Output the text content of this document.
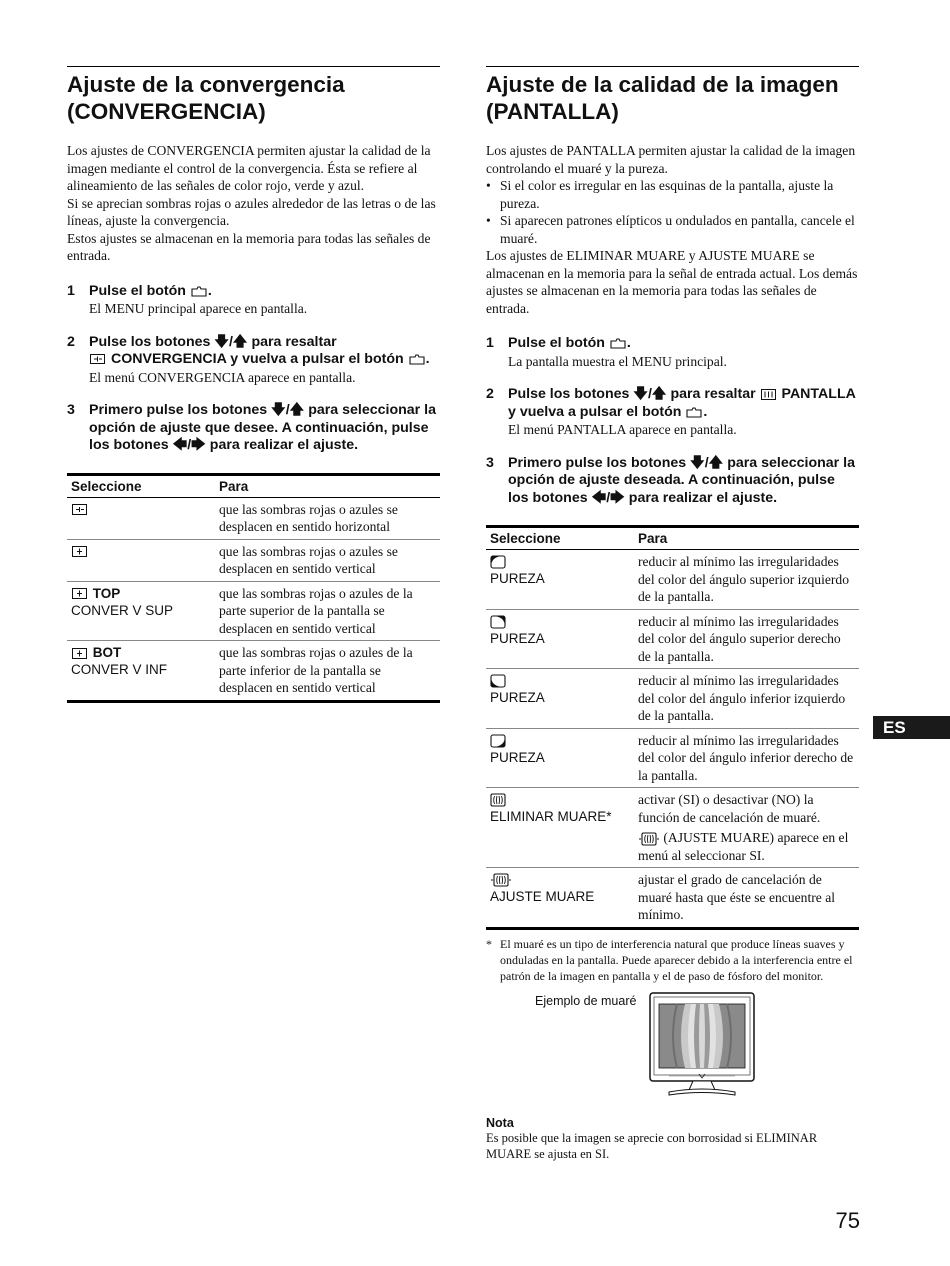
Ajuste de la convergencia
(CONVERGENCIA)

Los ajustes de CONVERGENCIA permiten ajustar la calidad de la imagen mediante el control de la convergencia. Ésta se refiere al alineamiento de las señales de color rojo, verde y azul.

Si se aprecian sombras rojas o azules alrededor de las letras o de las líneas, ajuste la convergencia.

Estos ajustes se almacenan en la memoria para todas las señales de entrada.

1 Pulse el botón .

El MENU principal aparece en pantalla.

2 Pulse los botones 🡇/🡅 para resaltar
CONVERGENCIA y vuelva a pulsar el botón .

El menú CONVERGENCIA aparece en pantalla.

3 Primero pulse los botones 🡇/🡅 para seleccionar la opción de ajuste que desee. A continuación, pulse los botones 🡄/🡆 para realizar el ajuste.
Seleccione	Para
	que las sombras rojas o azules se desplacen en sentido horizontal
	que las sombras rojas o azules se desplacen en sentido vertical
TOP
CONVER V SUP	que las sombras rojas o azules de la parte superior de la pantalla se desplacen en sentido vertical
BOT
CONVER V INF	que las sombras rojas o azules de la parte inferior de la pantalla se desplacen en sentido vertical
Ajuste de la calidad de la imagen
(PANTALLA)

Los ajustes de PANTALLA permiten ajustar la calidad de la imagen controlando el muaré y la pureza.

• Si el color es irregular en las esquinas de la pantalla, ajuste la pureza.
• Si aparecen patrones elípticos u ondulados en pantalla, cancele el muaré.

Los ajustes de ELIMINAR MUARE y AJUSTE MUARE se almacenan en la memoria para la señal de entrada actual. Los demás ajustes se almacenan en la memoria para todas las señales de entrada.

1 Pulse el botón .

La pantalla muestra el MENU principal.

2 Pulse los botones 🡇/🡅 para resaltar PANTALLA y vuelva a pulsar el botón .

El menú PANTALLA aparece en pantalla.

3 Primero pulse los botones 🡇/🡅 para seleccionar la opción de ajuste deseada. A continuación, pulse los botones 🡄/🡆 para realizar el ajuste.
Seleccione	Para

PUREZA	reducir al mínimo las irregularidades del color del ángulo superior izquierdo de la pantalla.

PUREZA	reducir al mínimo las irregularidades del color del ángulo superior derecho de la pantalla.

PUREZA	reducir al mínimo las irregularidades del color del ángulo inferior izquierdo de la pantalla.

PUREZA	reducir al mínimo las irregularidades del color del ángulo inferior derecho de la pantalla.

ELIMINAR MUARE*	activar (SI) o desactivar (NO) la función de cancelación de muaré.
(AJUSTE MUARE) aparece en el menú al seleccionar SI.

AJUSTE MUARE	ajustar el grado de cancelación de muaré hasta que éste se encuentre al mínimo.
* El muaré es un tipo de interferencia natural que produce líneas suaves y onduladas en la pantalla. Puede aparecer debido a la interferencia entre el patrón de la imagen en pantalla y el de paso de fósforo del monitor.
Ejemplo de muaré
Nota

Es posible que la imagen se aprecie con borrosidad si ELIMINAR MUARE se ajusta en SI.

ES
75
